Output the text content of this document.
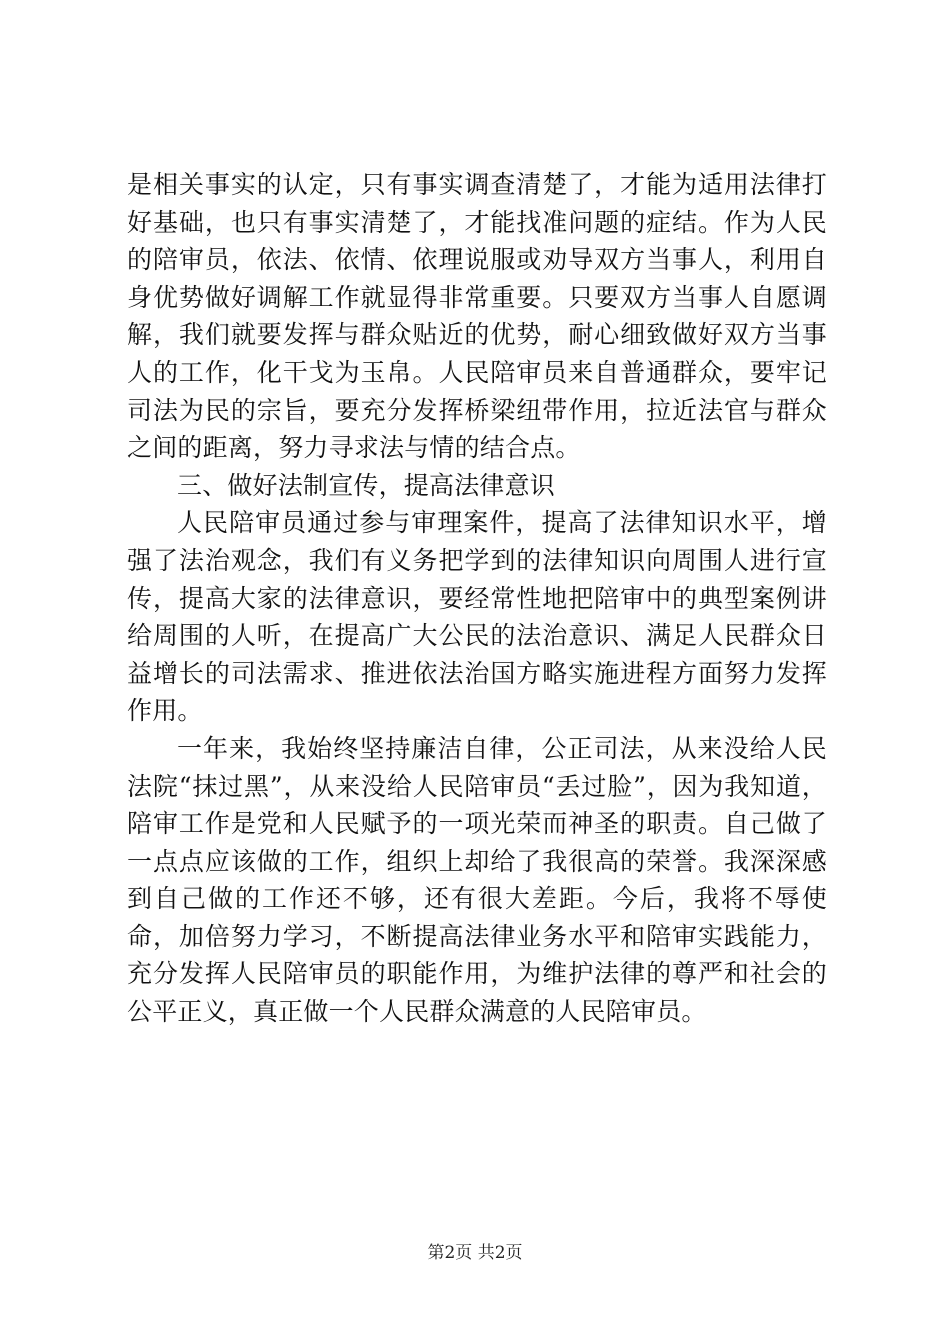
是相关事实的认定，只有事实调查清楚了，才能为适用法律打好基础，也只有事实清楚了，才能找准问题的症结。作为人民的陪审员，依法、依情、依理说服或劝导双方当事人，利用自身优势做好调解工作就显得非常重要。只要双方当事人自愿调解，我们就要发挥与群众贴近的优势，耐心细致做好双方当事人的工作，化干戈为玉帛。人民陪审员来自普通群众，要牢记司法为民的宗旨，要充分发挥桥梁纽带作用，拉近法官与群众之间的距离，努力寻求法与情的结合点。

三、做好法制宣传，提高法律意识

人民陪审员通过参与审理案件，提高了法律知识水平，增强了法治观念，我们有义务把学到的法律知识向周围人进行宣传，提高大家的法律意识，要经常性地把陪审中的典型案例讲给周围的人听，在提高广大公民的法治意识、满足人民群众日益增长的司法需求、推进依法治国方略实施进程方面努力发挥作用。

一年来，我始终坚持廉洁自律，公正司法，从来没给人民法院“抹过黑”，从来没给人民陪审员“丢过脸”，因为我知道，陪审工作是党和人民赋予的一项光荣而神圣的职责。自己做了一点点应该做的工作，组织上却给了我很高的荣誉。我深深感到自己做的工作还不够，还有很大差距。今后，我将不辱使命，加倍努力学习，不断提高法律业务水平和陪审实践能力，充分发挥人民陪审员的职能作用，为维护法律的尊严和社会的公平正义，真正做一个人民群众满意的人民陪审员。

第2页 共2页
